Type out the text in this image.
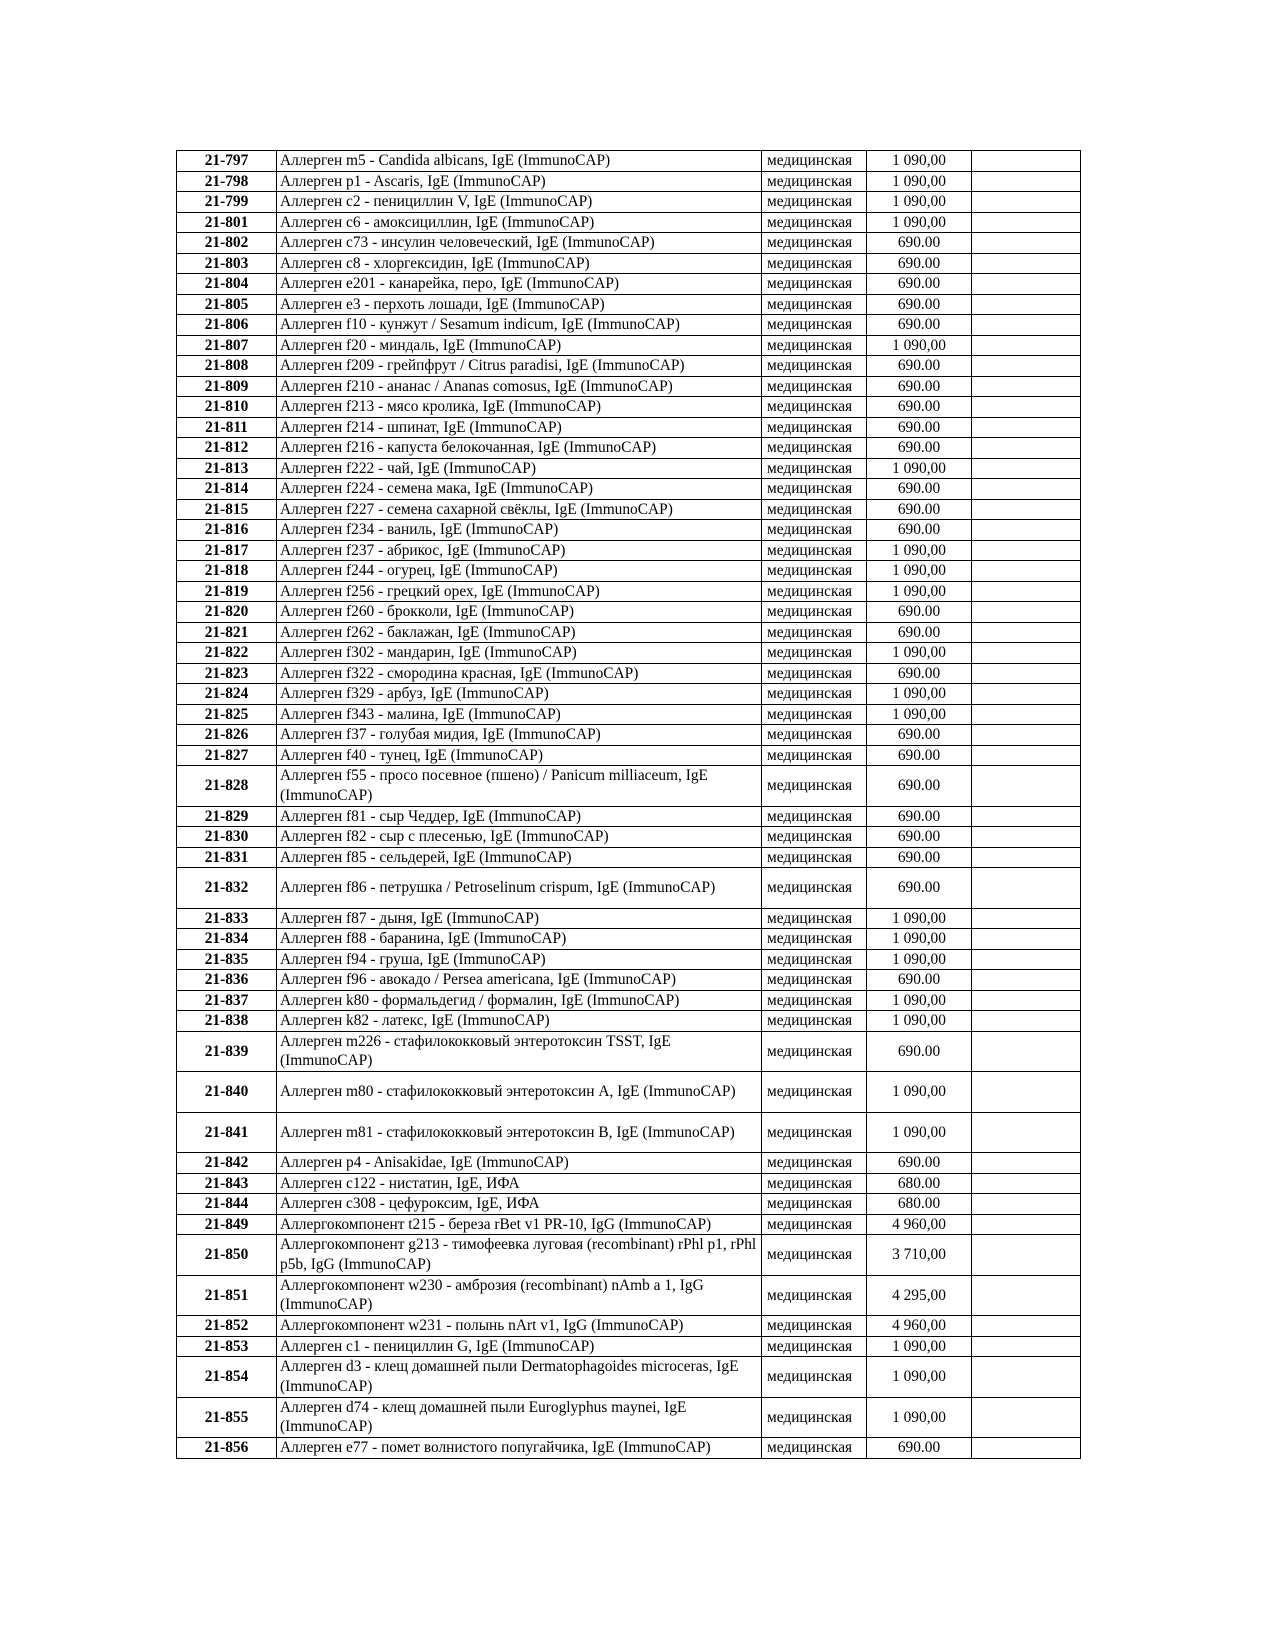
21-797	Аллерген m5 - Candida albicans, IgE (ImmunoCAP)	медицинская	1 090,00	
21-798	Аллерген p1 - Ascaris, IgE (ImmunoCAP)	медицинская	1 090,00	
21-799	Аллерген c2 - пенициллин V, IgE (ImmunoCAP)	медицинская	1 090,00	
21-801	Аллерген c6 - амоксициллин, IgE (ImmunoCAP)	медицинская	1 090,00	
21-802	Аллерген c73 - инсулин человеческий, IgE (ImmunoCAP)	медицинская	690.00	
21-803	Аллерген c8 - хлоргексидин, IgE (ImmunoCAP)	медицинская	690.00	
21-804	Аллерген e201 - канарейка, перо, IgE (ImmunoCAP)	медицинская	690.00	
21-805	Аллерген e3 - перхоть лошади, IgE (ImmunoCAP)	медицинская	690.00	
21-806	Аллерген f10 - кунжут / Sesamum indicum, IgE (ImmunoCAP)	медицинская	690.00	
21-807	Аллерген f20 - миндаль, IgE (ImmunoCAP)	медицинская	1 090,00	
21-808	Аллерген f209 - грейпфрут / Citrus paradisi, IgE (ImmunoCAP)	медицинская	690.00	
21-809	Аллерген f210 - ананас / Ananas comosus, IgE (ImmunoCAP)	медицинская	690.00	
21-810	Аллерген f213 - мясо кролика, IgE (ImmunoCAP)	медицинская	690.00	
21-811	Аллерген f214 - шпинат, IgE (ImmunoCAP)	медицинская	690.00	
21-812	Аллерген f216 - капуста белокочанная, IgE (ImmunoCAP)	медицинская	690.00	
21-813	Аллерген f222 - чай, IgE (ImmunoCAP)	медицинская	1 090,00	
21-814	Аллерген f224 - семена мака, IgE (ImmunoCAP)	медицинская	690.00	
21-815	Аллерген f227 - семена сахарной свёклы, IgE (ImmunoCAP)	медицинская	690.00	
21-816	Аллерген f234 - ваниль, IgE (ImmunoCAP)	медицинская	690.00	
21-817	Аллерген f237 - абрикос, IgE (ImmunoCAP)	медицинская	1 090,00	
21-818	Аллерген f244 - огурец, IgE (ImmunoCAP)	медицинская	1 090,00	
21-819	Аллерген f256 - грецкий орех, IgE (ImmunoCAP)	медицинская	1 090,00	
21-820	Аллерген f260 - брокколи, IgE (ImmunoCAP)	медицинская	690.00	
21-821	Аллерген f262 - баклажан, IgE (ImmunoCAP)	медицинская	690.00	
21-822	Аллерген f302 - мандарин, IgE (ImmunoCAP)	медицинская	1 090,00	
21-823	Аллерген f322 - смородина красная, IgE (ImmunoCAP)	медицинская	690.00	
21-824	Аллерген f329 - арбуз, IgE (ImmunoCAP)	медицинская	1 090,00	
21-825	Аллерген f343 - малина, IgE (ImmunoCAP)	медицинская	1 090,00	
21-826	Аллерген f37 - голубая мидия, IgE (ImmunoCAP)	медицинская	690.00	
21-827	Аллерген f40 - тунец, IgE (ImmunoCAP)	медицинская	690.00	
21-828	Аллерген f55 - просо посевное (пшено) / Panicum milliaceum, IgE (ImmunoCAP)	медицинская	690.00	
21-829	Аллерген f81 - сыр Чеддер, IgE (ImmunoCAP)	медицинская	690.00	
21-830	Аллерген f82 - сыр с плесенью, IgE (ImmunoCAP)	медицинская	690.00	
21-831	Аллерген f85 - сельдерей, IgE (ImmunoCAP)	медицинская	690.00	
21-832	Аллерген f86 - петрушка / Petroselinum crispum, IgE (ImmunoCAP)	медицинская	690.00	
21-833	Аллерген f87 - дыня, IgE (ImmunoCAP)	медицинская	1 090,00	
21-834	Аллерген f88 - баранина, IgE (ImmunoCAP)	медицинская	1 090,00	
21-835	Аллерген f94 - груша, IgE (ImmunoCAP)	медицинская	1 090,00	
21-836	Аллерген f96 - авокадо / Persea americana, IgE (ImmunoCAP)	медицинская	690.00	
21-837	Аллерген k80 - формальдегид / формалин, IgE (ImmunoCAP)	медицинская	1 090,00	
21-838	Аллерген k82 - латекс, IgE (ImmunoCAP)	медицинская	1 090,00	
21-839	Аллерген m226 - стафилококковый энтеротоксин TSST, IgE (ImmunoCAP)	медицинская	690.00	
21-840	Аллерген m80 - стафилококковый энтеротоксин A, IgE (ImmunoCAP)	медицинская	1 090,00	
21-841	Аллерген m81 - стафилококковый энтеротоксин B, IgE (ImmunoCAP)	медицинская	1 090,00	
21-842	Аллерген p4 - Anisakidae, IgE (ImmunoCAP)	медицинская	690.00	
21-843	Аллерген c122 - нистатин, IgE, ИФА	медицинская	680.00	
21-844	Аллерген c308 - цефуроксим, IgE, ИФА	медицинская	680.00	
21-849	Аллергокомпонент t215 - береза rBet v1 PR-10, IgG (ImmunoCAP)	медицинская	4 960,00	
21-850	Аллергокомпонент g213 - тимофеевка луговая (recombinant) rPhl p1, rPhl p5b, IgG (ImmunoCAP)	медицинская	3 710,00	
21-851	Аллергокомпонент w230 - амброзия (recombinant) nAmb a 1, IgG (ImmunoCAP)	медицинская	4 295,00	
21-852	Аллергокомпонент w231 - полынь nArt v1, IgG (ImmunoCAP)	медицинская	4 960,00	
21-853	Аллерген c1 - пенициллин G, IgE (ImmunoCAP)	медицинская	1 090,00	
21-854	Аллерген d3 - клещ домашней пыли Dermatophagoides microceras, IgE (ImmunoCAP)	медицинская	1 090,00	
21-855	Аллерген d74 - клещ домашней пыли Euroglyphus maynei, IgE (ImmunoCAP)	медицинская	1 090,00	
21-856	Аллерген e77 - помет волнистого попугайчика, IgE (ImmunoCAP)	медицинская	690.00	
